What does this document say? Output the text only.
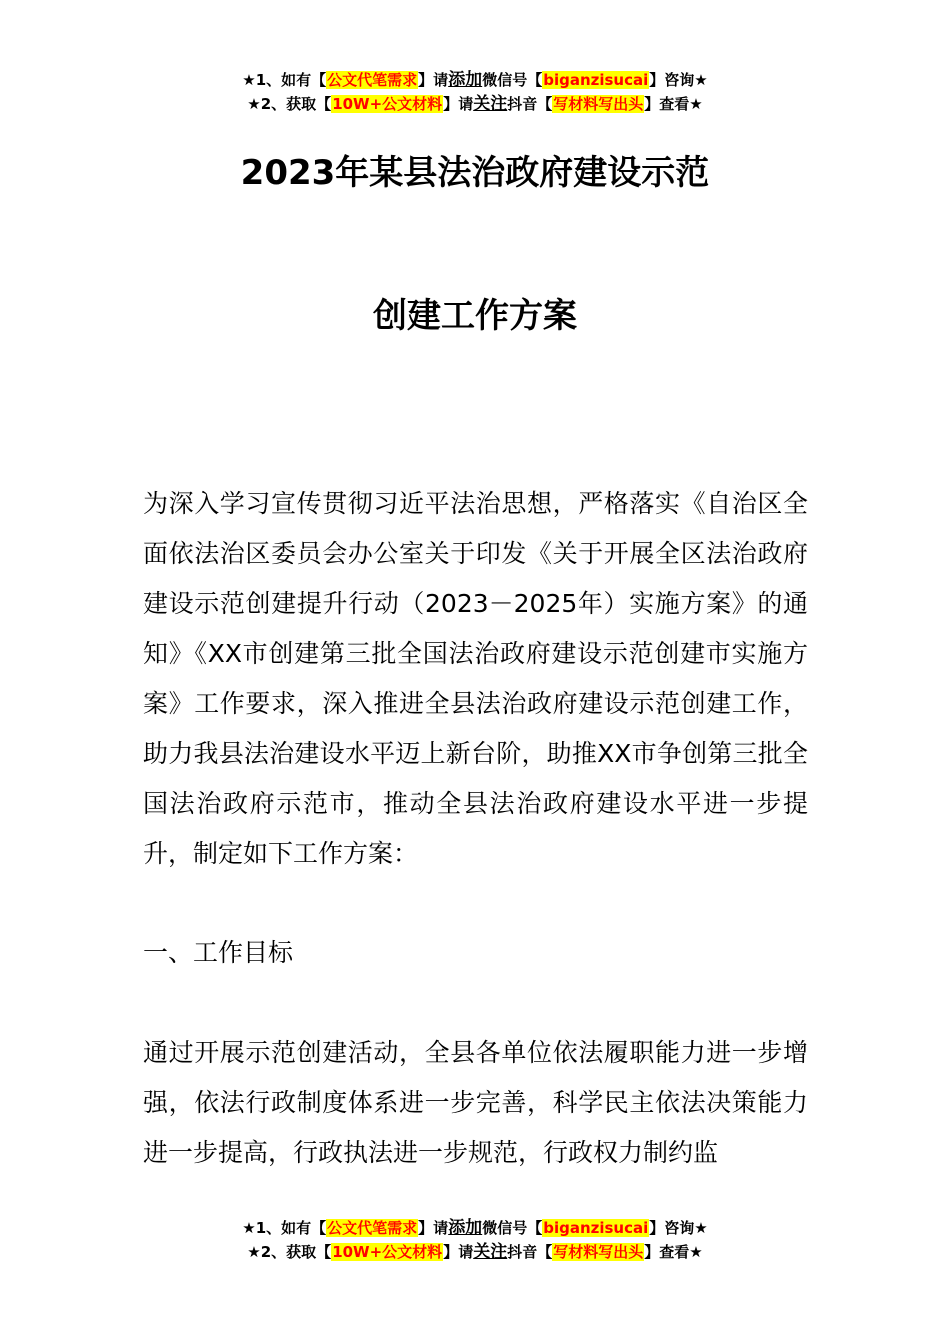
★1、如有【公文代笔需求】请添加微信号【biganzisucai】咨询★
★2、获取【10W+公文材料】请关注抖音【写材料写出头】查看★
2023年某县法治政府建设示范
创建工作方案

为深入学习宣传贯彻习近平法治思想，严格落实《自治区全面依法治区委员会办公室关于印发《关于开展全区法治政府建设示范创建提升行动（2023－2025年）实施方案》的通知》《XX市创建第三批全国法治政府建设示范创建市实施方案》工作要求，深入推进全县法治政府建设示范创建工作，助力我县法治建设水平迈上新台阶，助推XX市争创第三批全国法治政府示范市，推动全县法治政府建设水平进一步提升，制定如下工作方案：

一、工作目标

通过开展示范创建活动，全县各单位依法履职能力进一步增强，依法行政制度体系进一步完善，科学民主依法决策能力进一步提高，行政执法进一步规范，行政权力制约监

★1、如有【公文代笔需求】请添加微信号【biganzisucai】咨询★
★2、获取【10W+公文材料】请关注抖音【写材料写出头】查看★
